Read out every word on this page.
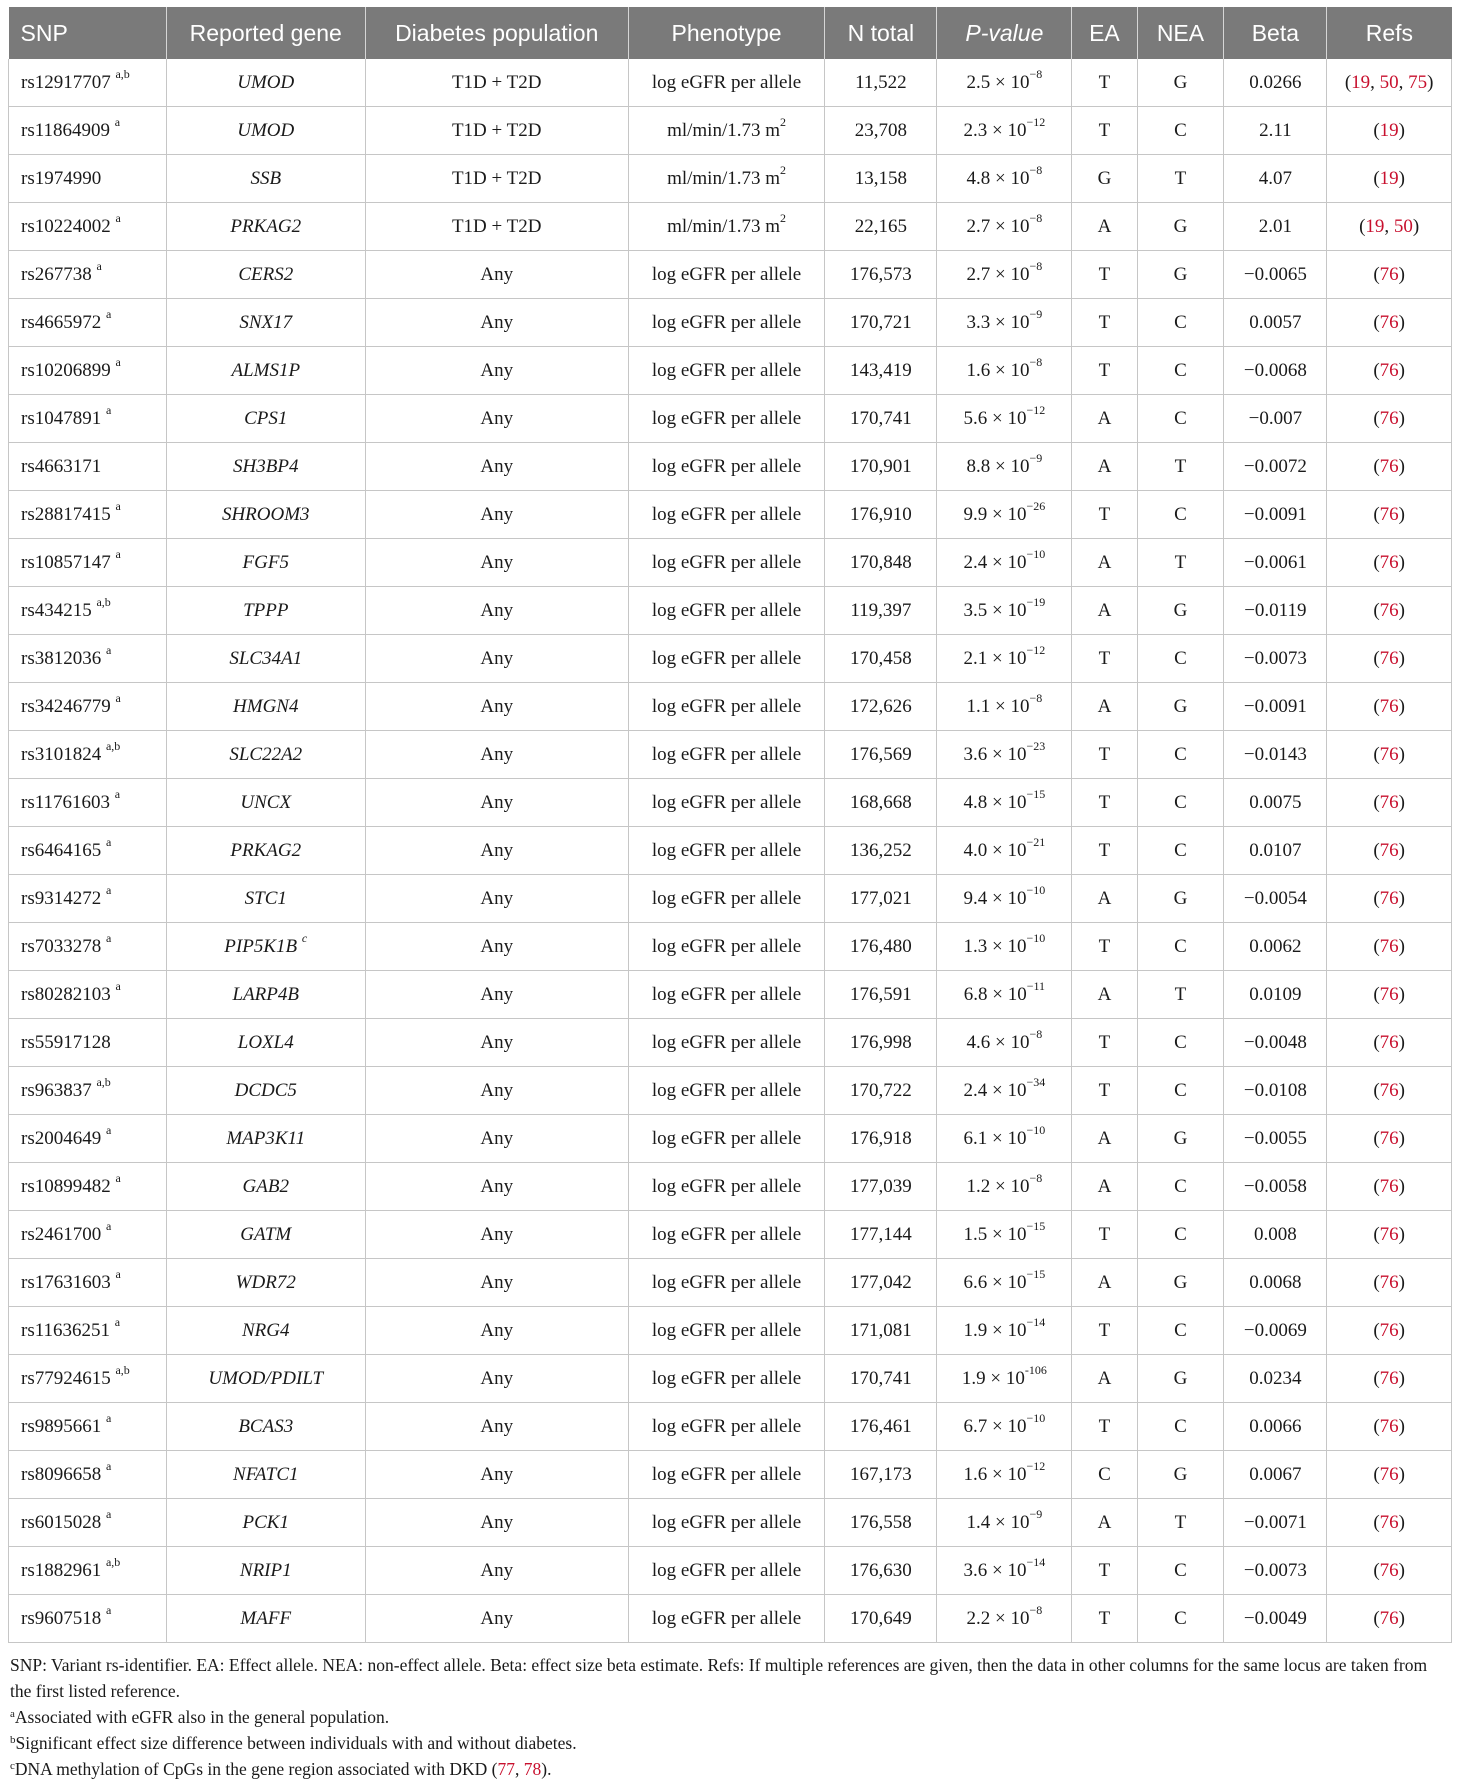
SNP	Reported gene	Diabetes population	Phenotype	N total	P-value	EA	NEA	Beta	Refs
rs12917707 $^{a,b}$	UMOD	T1D + T2D	log eGFR per allele	11,522	$2.5 \times 10^{-8}$	T	G	0.0266	(19, 50, 75)
rs11864909 $^a$	UMOD	T1D + T2D	ml/min/1.73 $m^2$	23,708	$2.3 \times 10^{-12}$	T	C	2.11	(19)
rs1974990	SSB	T1D + T2D	ml/min/1.73 $m^2$	13,158	$4.8 \times 10^{-8}$	G	T	4.07	(19)
rs10224002 $^a$	PRKAG2	T1D + T2D	ml/min/1.73 $m^2$	22,165	$2.7 \times 10^{-8}$	A	G	2.01	(19, 50)
rs267738 $^a$	CERS2	Any	log eGFR per allele	176,573	$2.7 \times 10^{-8}$	T	G	−0.0065	(76)
rs4665972 $^a$	SNX17	Any	log eGFR per allele	170,721	$3.3 \times 10^{-9}$	T	C	0.0057	(76)
rs10206899 $^a$	ALMS1P	Any	log eGFR per allele	143,419	$1.6 \times 10^{-8}$	T	C	−0.0068	(76)
rs1047891 $^a$	CPS1	Any	log eGFR per allele	170,741	$5.6 \times 10^{-12}$	A	C	−0.007	(76)
rs4663171	SH3BP4	Any	log eGFR per allele	170,901	$8.8 \times 10^{-9}$	A	T	−0.0072	(76)
rs28817415 $^a$	SHROOM3	Any	log eGFR per allele	176,910	$9.9 \times 10^{-26}$	T	C	−0.0091	(76)
rs10857147 $^a$	FGF5	Any	log eGFR per allele	170,848	$2.4 \times 10^{-10}$	A	T	−0.0061	(76)
rs434215 $^{a,b}$	TPPP	Any	log eGFR per allele	119,397	$3.5 \times 10^{-19}$	A	G	−0.0119	(76)
rs3812036 $^a$	SLC34A1	Any	log eGFR per allele	170,458	$2.1 \times 10^{-12}$	T	C	−0.0073	(76)
rs34246779 $^a$	HMGN4	Any	log eGFR per allele	172,626	$1.1 \times 10^{-8}$	A	G	−0.0091	(76)
rs3101824 $^{a,b}$	SLC22A2	Any	log eGFR per allele	176,569	$3.6 \times 10^{-23}$	T	C	−0.0143	(76)
rs11761603 $^a$	UNCX	Any	log eGFR per allele	168,668	$4.8 \times 10^{-15}$	T	C	0.0075	(76)
rs6464165 $^a$	PRKAG2	Any	log eGFR per allele	136,252	$4.0 \times 10^{-21}$	T	C	0.0107	(76)
rs9314272 $^a$	STC1	Any	log eGFR per allele	177,021	$9.4 \times 10^{-10}$	A	G	−0.0054	(76)
rs7033278 $^a$	PIP5K1B $^c$	Any	log eGFR per allele	176,480	$1.3 \times 10^{-10}$	T	C	0.0062	(76)
rs80282103 $^a$	LARP4B	Any	log eGFR per allele	176,591	$6.8 \times 10^{-11}$	A	T	0.0109	(76)
rs55917128	LOXL4	Any	log eGFR per allele	176,998	$4.6 \times 10^{-8}$	T	C	−0.0048	(76)
rs963837 $^{a,b}$	DCDC5	Any	log eGFR per allele	170,722	$2.4 \times 10^{-34}$	T	C	−0.0108	(76)
rs2004649 $^a$	MAP3K11	Any	log eGFR per allele	176,918	$6.1 \times 10^{-10}$	A	G	−0.0055	(76)
rs10899482 $^a$	GAB2	Any	log eGFR per allele	177,039	$1.2 \times 10^{-8}$	A	C	−0.0058	(76)
rs2461700 $^a$	GATM	Any	log eGFR per allele	177,144	$1.5 \times 10^{-15}$	T	C	0.008	(76)
rs17631603 $^a$	WDR72	Any	log eGFR per allele	177,042	$6.6 \times 10^{-15}$	A	G	0.0068	(76)
rs11636251 $^a$	NRG4	Any	log eGFR per allele	171,081	$1.9 \times 10^{-14}$	T	C	−0.0069	(76)
rs77924615 $^{a,b}$	UMOD/PDILT	Any	log eGFR per allele	170,741	$1.9 \times 10^{-106}$	A	G	0.0234	(76)
rs9895661 $^a$	BCAS3	Any	log eGFR per allele	176,461	$6.7 \times 10^{-10}$	T	C	0.0066	(76)
rs8096658 $^a$	NFATC1	Any	log eGFR per allele	167,173	$1.6 \times 10^{-12}$	C	G	0.0067	(76)
rs6015028 $^a$	PCK1	Any	log eGFR per allele	176,558	$1.4 \times 10^{-9}$	A	T	−0.0071	(76)
rs1882961 $^{a,b}$	NRIP1	Any	log eGFR per allele	176,630	$3.6 \times 10^{-14}$	T	C	−0.0073	(76)
rs9607518 $^a$	MAFF	Any	log eGFR per allele	170,649	$2.2 \times 10^{-8}$	T	C	−0.0049	(76)
SNP: Variant rs-identifier. EA: Effect allele. NEA: non-effect allele. Beta: effect size beta estimate. Refs: If multiple references are given, then the data in other columns for the same locus are taken from the first listed reference.
$^a$Associated with eGFR also in the general population.
$^b$Significant effect size difference between individuals with and without diabetes.
$^c$DNA methylation of CpGs in the gene region associated with DKD (77, 78).
